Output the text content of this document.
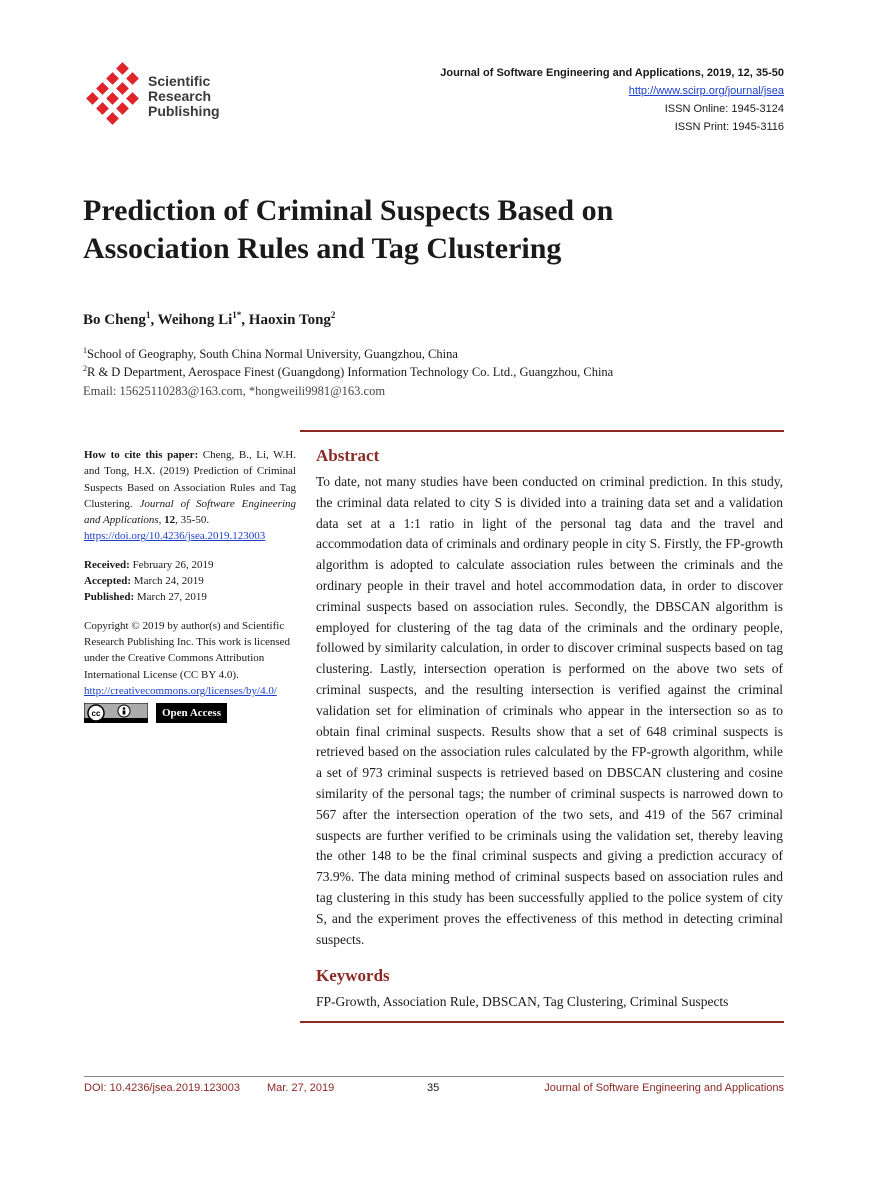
Scientific
Research
Publishing
Journal of Software Engineering and Applications, 2019, 12, 35-50
http://www.scirp.org/journal/jsea
ISSN Online: 1945-3124
ISSN Print: 1945-3116
Prediction of Criminal Suspects Based on
Association Rules and Tag Clustering
Bo Cheng$^1$, Weihong $Li^{1*}$, Haoxin Tong$^2$
$^1$School of Geography, South China Normal University, Guangzhou, China
$^2$R & D Department, Aerospace Finest (Guangdong) Information Technology Co. Ltd., Guangzhou, China
Email: 15625110283@163.com, *hongweili9981@163.com
How to cite this paper: Cheng, B., Li, W.H. and Tong, H.X. (2019) Prediction of Criminal Suspects Based on Association Rules and Tag Clustering. Journal of Software Engineering and Applications, 12, 35-50.
https://doi.org/10.4236/jsea.2019.123003
Received: February 26, 2019
Accepted: March 24, 2019
Published: March 27, 2019
Copyright © 2019 by author(s) and Scientific Research Publishing Inc. This work is licensed under the Creative Commons Attribution International License (CC BY 4.0).
http://creativecommons.org/licenses/by/4.0/
cc	Open Access
Abstract

To date, not many studies have been conducted on criminal prediction. In this study, the criminal data related to city S is divided into a training data set and a validation data set at a 1:1 ratio in light of the personal tag data and the travel and accommodation data of criminals and ordinary people in city S. Firstly, the FP-growth algorithm is adopted to calculate association rules between the criminals and the ordinary people in their travel and hotel accommodation data, in order to discover criminal suspects based on association rules. Secondly, the DBSCAN algorithm is employed for clustering of the tag data of the criminals and the ordinary people, followed by similarity calculation, in order to discover criminal suspects based on tag clustering. Lastly, intersection operation is performed on the above two sets of criminal suspects, and the resulting intersection is verified against the criminal validation set for elimination of criminals who appear in the intersection so as to obtain final criminal suspects. Results show that a set of 648 criminal suspects is retrieved based on the association rules calculated by the FP-growth algorithm, while a set of 973 criminal suspects is retrieved based on DBSCAN clustering and cosine similarity of the personal tags; the number of criminal suspects is narrowed down to 567 after the intersection operation of the two sets, and 419 of the 567 criminal suspects are further verified to be criminals using the validation set, thereby leaving the other 148 to be the final criminal suspects and giving a prediction accuracy of 73.9%. The data mining method of criminal suspects based on association rules and tag clustering in this study has been successfully applied to the police system of city S, and the experiment proves the effectiveness of this method in detecting criminal suspects.

Keywords

FP-Growth, Association Rule, DBSCAN, Tag Clustering, Criminal Suspects

DOI: 10.4236/jsea.2019.123003 Mar. 27, 2019	35	Journal of Software Engineering and Applications
